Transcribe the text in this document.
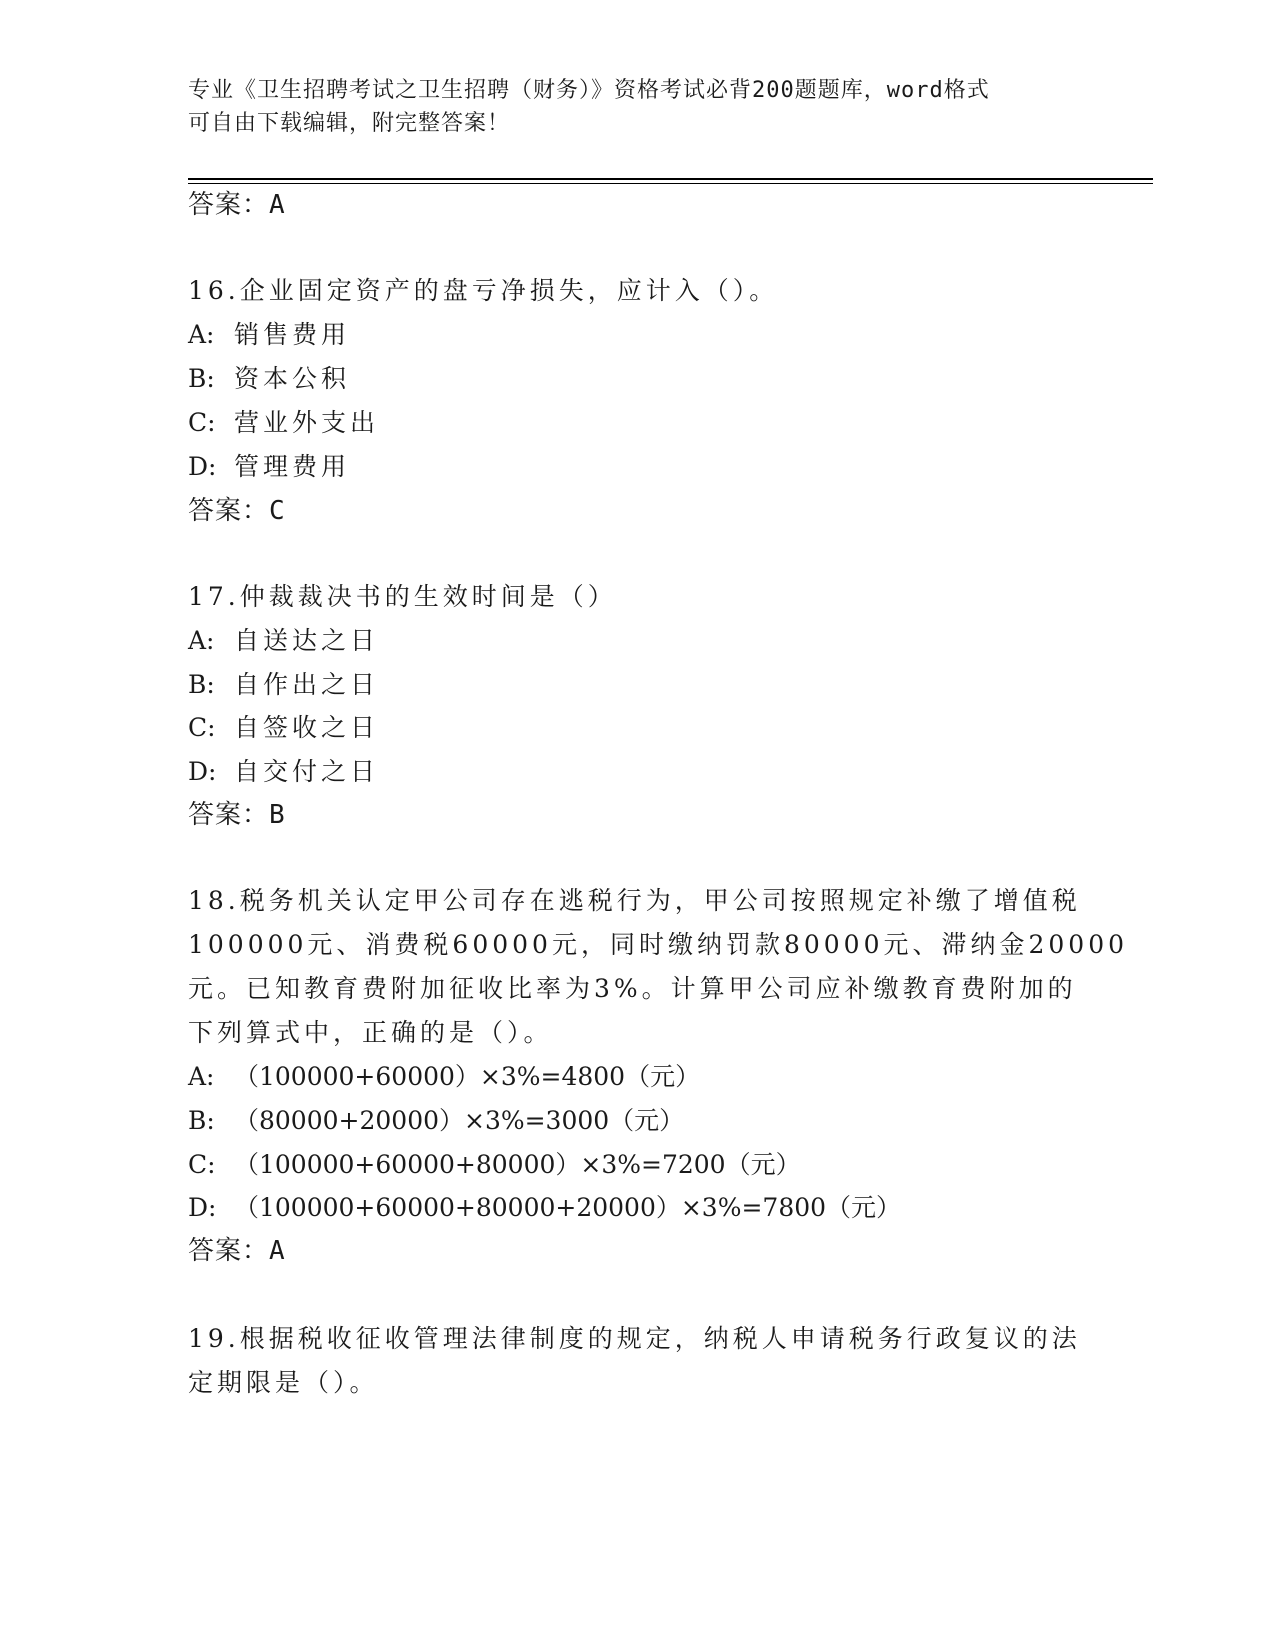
专业《卫生招聘考试之卫生招聘（财务）》资格考试必背200题题库，word格式
可自由下载编辑，附完整答案！
答案：A
16.企业固定资产的盘亏净损失，应计入（）。
A: 销售费用
B: 资本公积
C: 营业外支出
D: 管理费用
答案：C
17.仲裁裁决书的生效时间是（）
A: 自送达之日
B: 自作出之日
C: 自签收之日
D: 自交付之日
答案：B
18.税务机关认定甲公司存在逃税行为，甲公司按照规定补缴了增值税
100000元、消费税60000元，同时缴纳罚款80000元、滞纳金20000
元。已知教育费附加征收比率为3%。计算甲公司应补缴教育费附加的
下列算式中，正确的是（）。
A: （100000+60000）×3%=4800（元）
B: （80000+20000）×3%=3000（元）
C: （100000+60000+80000）×3%=7200（元）
D: （100000+60000+80000+20000）×3%=7800（元）
答案：A
19.根据税收征收管理法律制度的规定，纳税人申请税务行政复议的法
定期限是（）。
